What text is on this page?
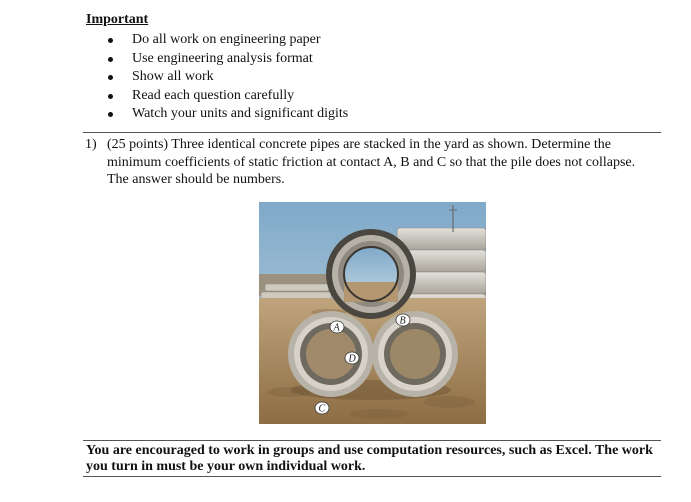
Important
Do all work on engineering paper
Use engineering analysis format
Show all work
Read each question carefully
Watch your units and significant digits
1) (25 points) Three identical concrete pipes are stacked in the yard as shown. Determine the minimum coefficients of static friction at contact A, B and C so that the pile does not collapse. The answer should be numbers.
A
B
D
C
You are encouraged to work in groups and use computation resources, such as Excel. The work you turn in must be your own individual work.
